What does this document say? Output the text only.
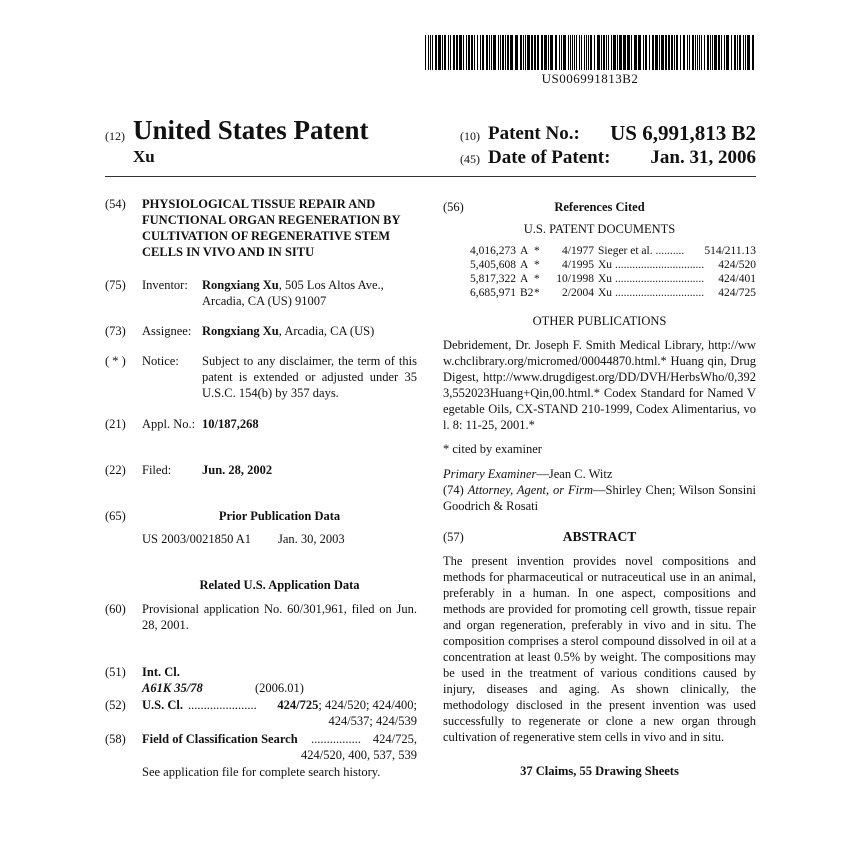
US006991813B2
(12) United States Patent
Xu
(10) Patent No.: US 6,991,813 B2
(45) Date of Patent: Jan. 31, 2006
(54) PHYSIOLOGICAL TISSUE REPAIR AND FUNCTIONAL ORGAN REGENERATION BY CULTIVATION OF REGENERATIVE STEM CELLS IN VIVO AND IN SITU
(75) Inventor: Rongxiang Xu, 505 Los Altos Ave.,
Arcadia, CA (US) 91007
(73) Assignee: Rongxiang Xu, Arcadia, CA (US)
( * ) Notice: Subject to any disclaimer, the term of this patent is extended or adjusted under 35 U.S.C. 154(b) by 357 days.
(21) Appl. No.: 10/187,268
(22) Filed: Jun. 28, 2002
(65)	Prior Publication Data
US 2003/0021850 A1 Jan. 30, 2003
Related U.S. Application Data
(60) Provisional application No. 60/301,961, filed on Jun. 28, 2001.
(51) Int. Cl.
A61K 35/78	(2006.01)
(52) U.S. Cl. ...................... 424/725; 424/520; 424/400;
424/537; 424/539
(58) Field of Classification Search ................ 424/725,
424/520, 400, 537, 539
See application file for complete search history.
(56)	References Cited
U.S. PATENT DOCUMENTS
4,016,273 A *	4/1977 Sieger et al. ..........	514/211.13
5,405,608 A *	4/1995 Xu ...............................	424/520
5,817,322 A *	10/1998 Xu ...............................	424/401
6,685,971 B2 *	2/2004 Xu ...............................	424/725
OTHER PUBLICATIONS
Debridement, Dr. Joseph F. Smith Medical Library, http://www.chclibrary.org/micromed/00044870.html.* Huang qin, DrugDigest, http://www.drugdigest.org/DD/DVH/HerbsWho/0,3923,552023Huang+Qin,00.html.* Codex Standard for Named Vegetable Oils, CX-STAND 210-1999, Codex Alimentarius, vol. 8: 11-25, 2001.*
* cited by examiner
Primary Examiner—Jean C. Witz
(74) Attorney, Agent, or Firm—Shirley Chen; Wilson Sonsini Goodrich & Rosati
(57)	ABSTRACT
The present invention provides novel compositions and methods for pharmaceutical or nutraceutical use in an animal, preferably in a human. In one aspect, compositions and methods are provided for promoting cell growth, tissue repair and organ regeneration, preferably in vivo and in situ. The composition comprises a sterol compound dissolved in oil at a concentration at least 0.5% by weight. The compositions may be used in the treatment of various conditions caused by injury, diseases and aging. As shown clinically, the methodology disclosed in the present invention was used successfully to regenerate or clone a new organ through cultivation of regenerative stem cells in vivo and in situ.
37 Claims, 55 Drawing Sheets
